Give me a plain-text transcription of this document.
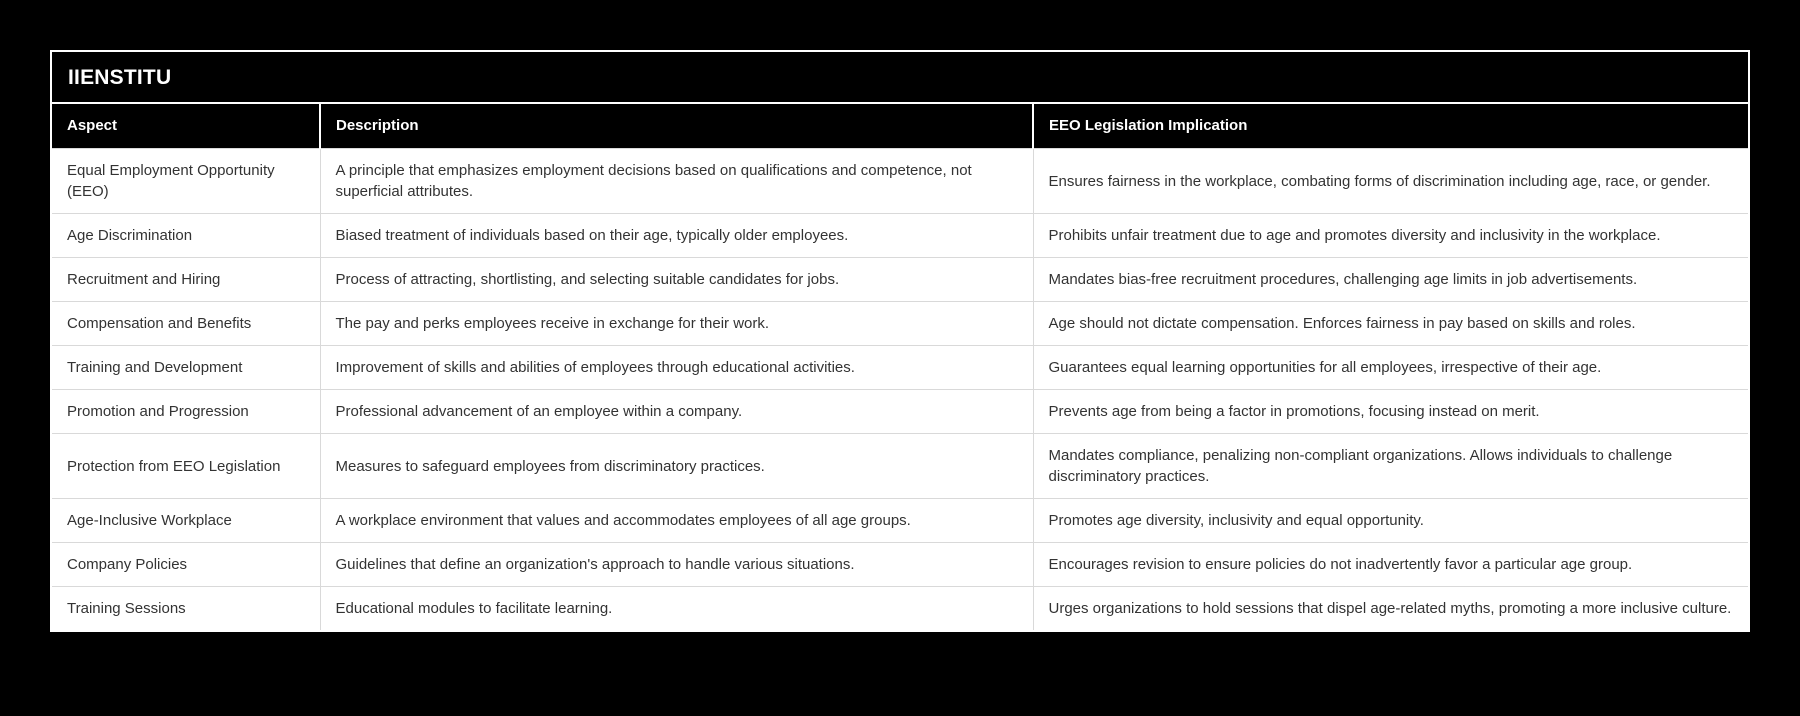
IIENSTITU
Aspect	Description	EEO Legislation Implication
Equal Employment Opportunity (EEO)	A principle that emphasizes employment decisions based on qualifications and competence, not superficial attributes.	Ensures fairness in the workplace, combating forms of discrimination including age, race, or gender.
Age Discrimination	Biased treatment of individuals based on their age, typically older employees.	Prohibits unfair treatment due to age and promotes diversity and inclusivity in the workplace.
Recruitment and Hiring	Process of attracting, shortlisting, and selecting suitable candidates for jobs.	Mandates bias-free recruitment procedures, challenging age limits in job advertisements.
Compensation and Benefits	The pay and perks employees receive in exchange for their work.	Age should not dictate compensation. Enforces fairness in pay based on skills and roles.
Training and Development	Improvement of skills and abilities of employees through educational activities.	Guarantees equal learning opportunities for all employees, irrespective of their age.
Promotion and Progression	Professional advancement of an employee within a company.	Prevents age from being a factor in promotions, focusing instead on merit.
Protection from EEO Legislation	Measures to safeguard employees from discriminatory practices.	Mandates compliance, penalizing non-compliant organizations. Allows individuals to challenge discriminatory practices.
Age-Inclusive Workplace	A workplace environment that values and accommodates employees of all age groups.	Promotes age diversity, inclusivity and equal opportunity.
Company Policies	Guidelines that define an organization's approach to handle various situations.	Encourages revision to ensure policies do not inadvertently favor a particular age group.
Training Sessions	Educational modules to facilitate learning.	Urges organizations to hold sessions that dispel age-related myths, promoting a more inclusive culture.
